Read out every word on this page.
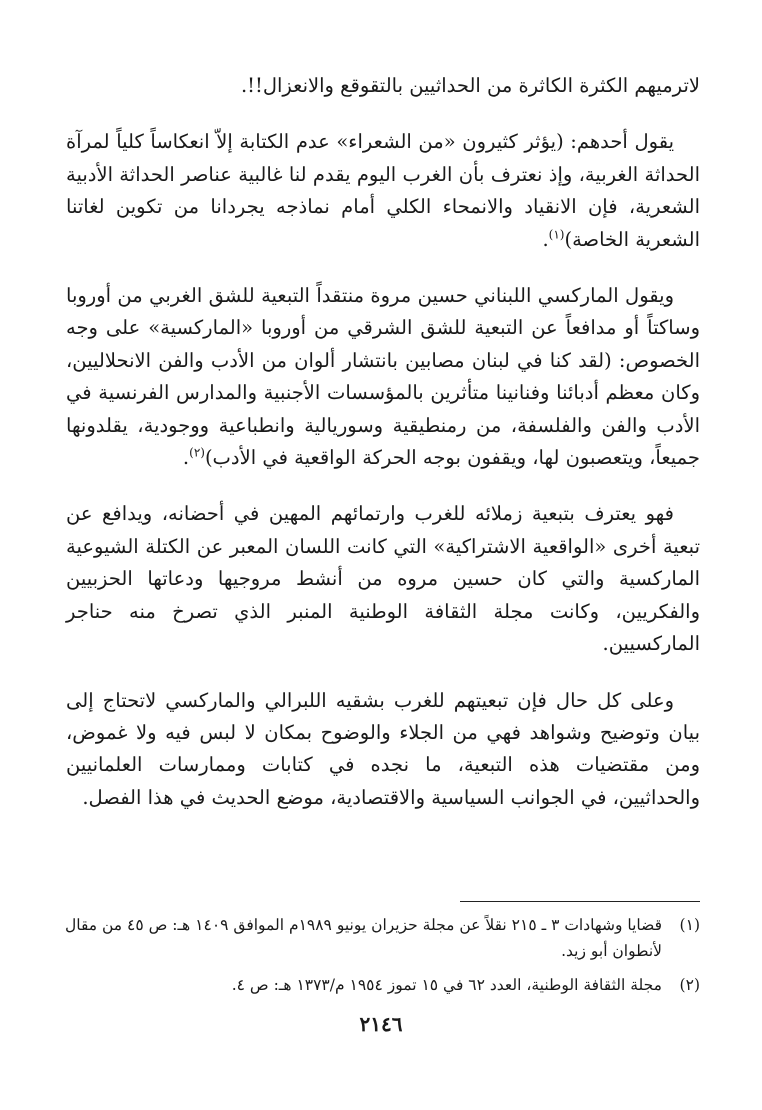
لاترميهم الكثرة الكاثرة من الحداثيين بالتقوقع والانعزال!!.

يقول أحدهم: (يؤثر كثيرون «من الشعراء» عدم الكتابة إلاّ انعكاساً كلياً لمرآة الحداثة الغربية، وإذ نعترف بأن الغرب اليوم يقدم لنا غالبية عناصر الحداثة الأدبية الشعرية، فإن الانقياد والانمحاء الكلي أمام نماذجه يجردانا من تكوين لغاتنا الشعرية الخاصة)$^{(١)}$.

ويقول الماركسي اللبناني حسين مروة منتقداً التبعية للشق الغربي من أوروبا وساكتاً أو مدافعاً عن التبعية للشق الشرقي من أوروبا «الماركسية» على وجه الخصوص: (لقد كنا في لبنان مصابين بانتشار ألوان من الأدب والفن الانحلاليين، وكان معظم أدبائنا وفنانينا متأثرين بالمؤسسات الأجنبية والمدارس الفرنسية في الأدب والفن والفلسفة، من رمنطيقية وسوريالية وانطباعية ووجودية، يقلدونها جميعاً، ويتعصبون لها، ويقفون بوجه الحركة الواقعية في الأدب)$^{(٢)}$.

فهو يعترف بتبعية زملائه للغرب وارتمائهم المهين في أحضانه، ويدافع عن تبعية أخرى «الواقعية الاشتراكية» التي كانت اللسان المعبر عن الكتلة الشيوعية الماركسية والتي كان حسين مروه من أنشط مروجيها ودعاتها الحزبيين والفكريين، وكانت مجلة الثقافة الوطنية المنبر الذي تصرخ منه حناجر الماركسيين.

وعلى كل حال فإن تبعيتهم للغرب بشقيه اللبرالي والماركسي لاتحتاج إلى بيان وتوضيح وشواهد فهي من الجلاء والوضوح بمكان لا لبس فيه ولا غموض، ومن مقتضيات هذه التبعية، ما نجده في كتابات وممارسات العلمانيين والحداثيين، في الجوانب السياسية والاقتصادية، موضع الحديث في هذا الفصل.

(١)
قضايا وشهادات ٣ ـ ٢١٥ نقلاً عن مجلة حزيران يونيو ١٩٨٩م الموافق ١٤٠٩ هـ: ص ٤٥ من مقال لأنطوان أبو زيد.
(٢)
مجلة الثقافة الوطنية، العدد ٦٢ في ١٥ تموز ١٩٥٤ م/١٣٧٣ هـ: ص ٤.
٢١٤٦
